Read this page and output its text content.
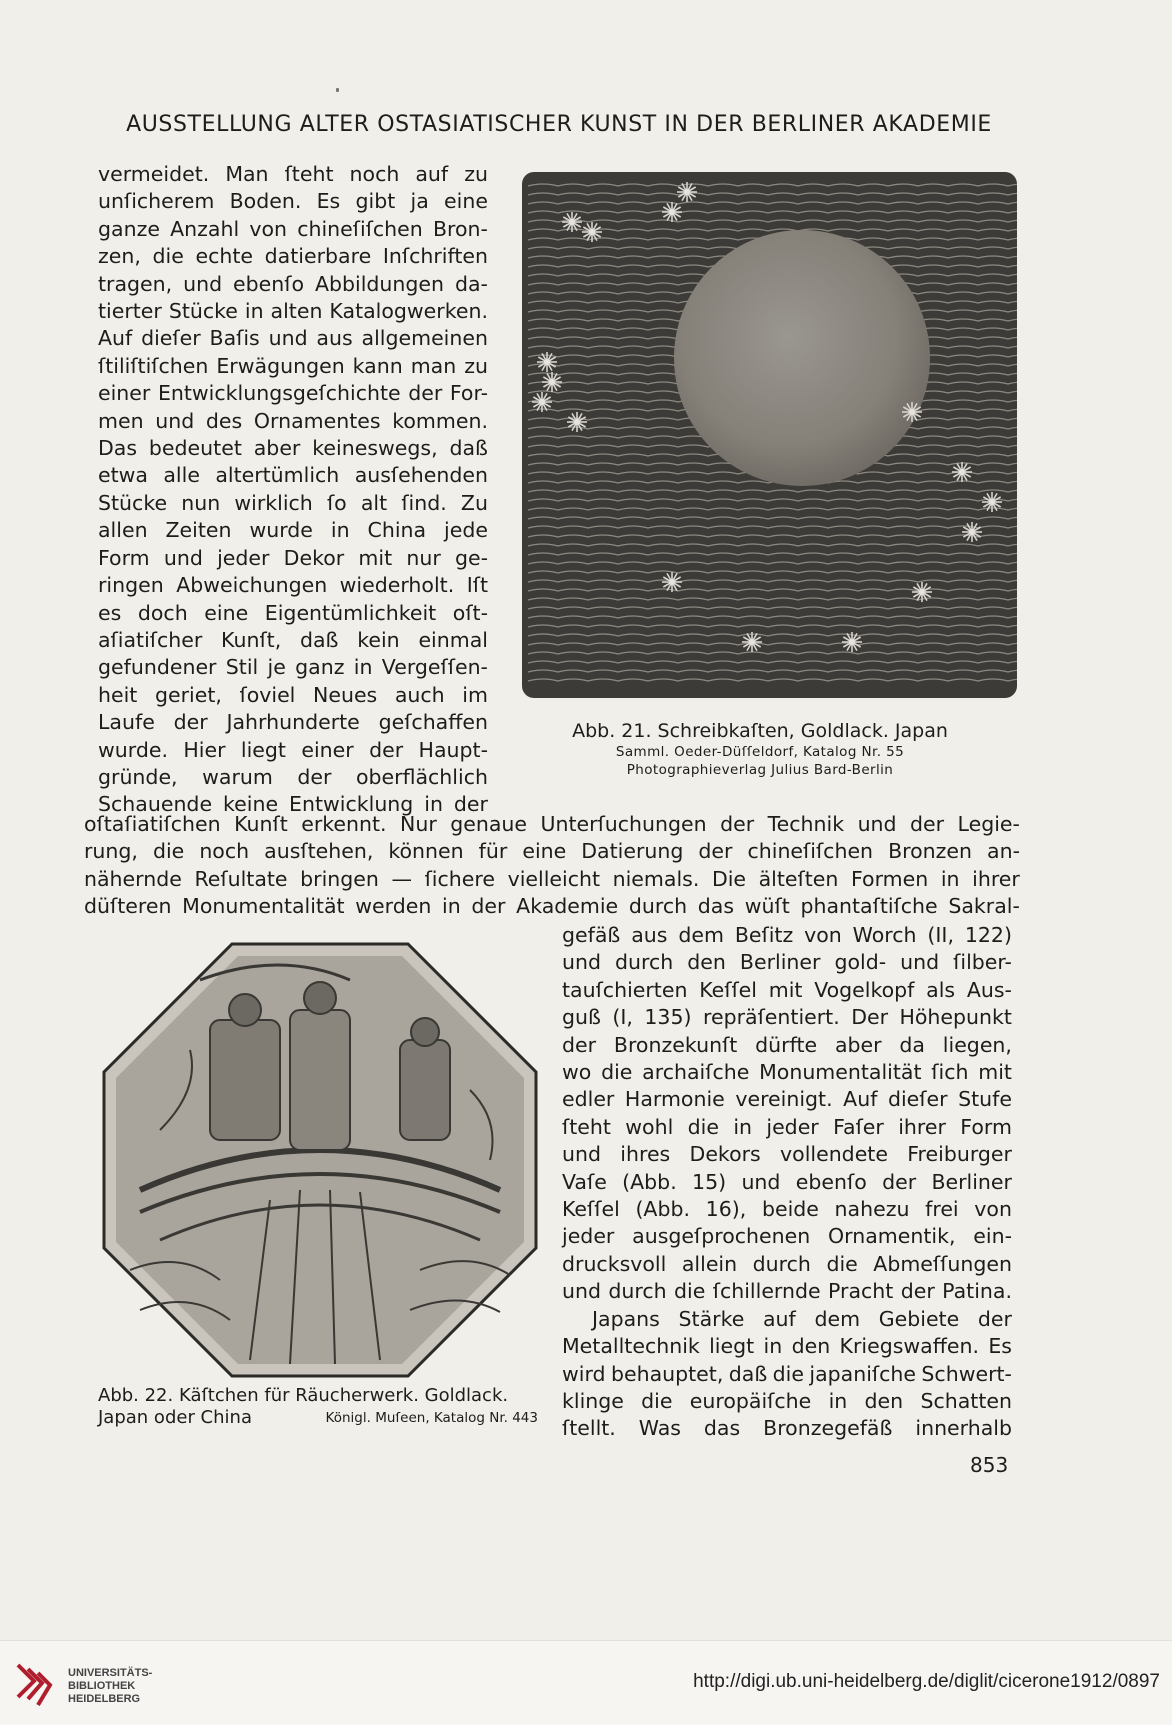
AUSSTELLUNG ALTER OSTASIATISCHER KUNST IN DER BERLINER AKADEMIE
vermeidet. Man ſteht noch auf zu
unſicherem Boden. Es gibt ja eine
ganze Anzahl von chineſiſchen Bron-
zen, die echte datierbare Inſchriften
tragen, und ebenſo Abbildungen da-
tierter Stücke in alten Katalogwerken.
Auf dieſer Baſis und aus allgemeinen
ſtiliſtiſchen Erwägungen kann man zu
einer Entwicklungsgeſchichte der For-
men und des Ornamentes kommen.
Das bedeutet aber keineswegs, daß
etwa alle altertümlich ausſehenden
Stücke nun wirklich ſo alt ſind. Zu
allen Zeiten wurde in China jede
Form und jeder Dekor mit nur ge-
ringen Abweichungen wiederholt. Iſt
es doch eine Eigentümlichkeit oſt-
aſiatiſcher Kunſt, daß kein einmal
gefundener Stil je ganz in Vergeſſen-
heit geriet, ſoviel Neues auch im
Laufe der Jahrhunderte geſchaffen
wurde. Hier liegt einer der Haupt-
gründe, warum der oberflächlich
Schauende keine Entwicklung in der
Abb. 21. Schreibkaſten, Goldlack. Japan
Samml. Oeder-Düſſeldorf, Katalog Nr. 55
Photographieverlag Julius Bard-Berlin
oſtaſiatiſchen Kunſt erkennt. Nur genaue Unterſuchungen der Technik und der Legie-
rung, die noch ausſtehen, können für eine Datierung der chineſiſchen Bronzen an-
nähernde Reſultate bringen — ſichere vielleicht niemals. Die älteſten Formen in ihrer
düſteren Monumentalität werden in der Akademie durch das wüſt phantaſtiſche Sakral-
gefäß aus dem Beſitz von Worch (II, 122)
und durch den Berliner gold- und ſilber-
tauſchierten Keſſel mit Vogelkopf als Aus-
guß (I, 135) repräſentiert. Der Höhepunkt
der Bronzekunſt dürfte aber da liegen,
wo die archaiſche Monumentalität ſich mit
edler Harmonie vereinigt. Auf dieſer Stufe
ſteht wohl die in jeder Faſer ihrer Form
und ihres Dekors vollendete Freiburger
Vaſe (Abb. 15) und ebenſo der Berliner
Keſſel (Abb. 16), beide nahezu frei von
jeder ausgeſprochenen Ornamentik, ein-
drucksvoll allein durch die Abmeſſungen
und durch die ſchillernde Pracht der Patina.
Japans Stärke auf dem Gebiete der
Metalltechnik liegt in den Kriegswaffen. Es
wird behauptet, daß die japaniſche Schwert-
klinge die europäiſche in den Schatten
ſtellt. Was das Bronzegefäß innerhalb
Abb. 22. Käſtchen für Räucherwerk. Goldlack.
Japan oder China	Königl. Muſeen, Katalog Nr. 443
853
UNIVERSITÄTS-
BIBLIOTHEK
HEIDELBERG
http://digi.ub.uni-heidelberg.de/diglit/cicerone1912/0897
